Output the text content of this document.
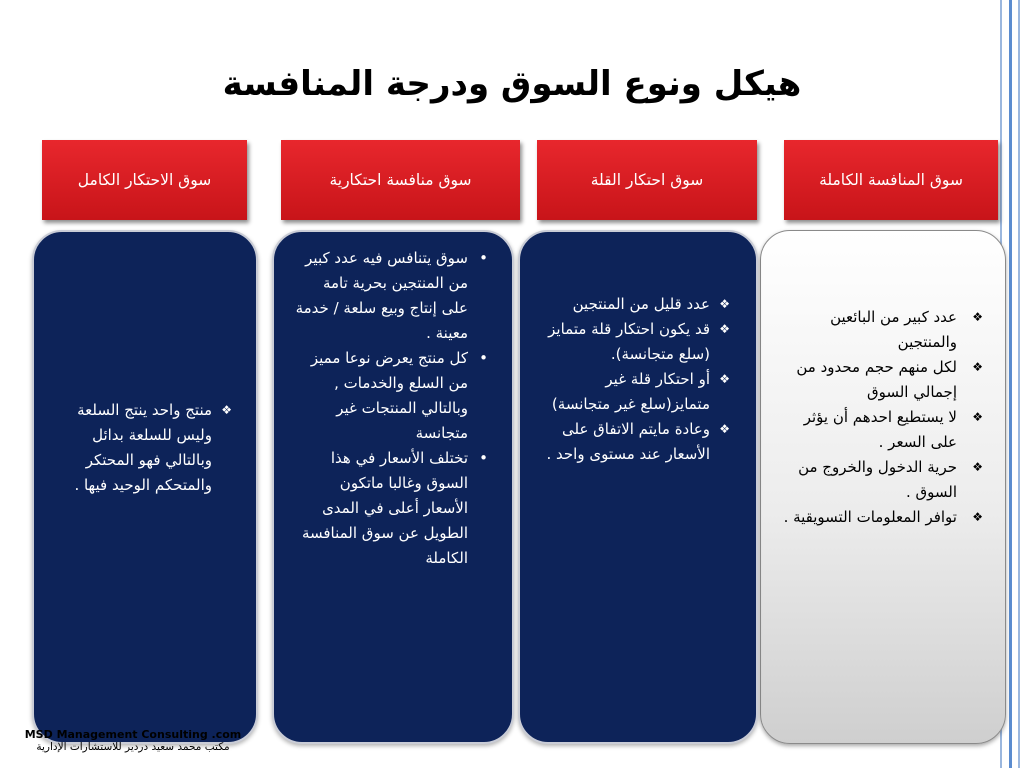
هيكل ونوع السوق ودرجة المنافسة
سوق المنافسة الكاملة
سوق احتكار القلة
سوق منافسة احتكارية
سوق الاحتكار الكامل
❖
عدد كبير من البائعين والمنتجين
❖
لكل منهم حجم محدود من إجمالي السوق
❖
لا يستطيع احدهم أن يؤثر على السعر .
❖
حرية الدخول والخروج من السوق .
❖
توافر المعلومات التسويقية .
❖
عدد قليل من المنتجين
❖
قد يكون احتكار قلة متمايز (سلع متجانسة).
❖
أو احتكار قلة غير متمايز(سلع غير متجانسة)
❖
وعادة مايتم الاتفاق على الأسعار عند مستوى واحد .
•
سوق يتنافس فيه عدد كبير من المنتجين بحرية تامة على إنتاج وبيع سلعة / خدمة معينة .
•
كل منتج يعرض نوعا مميز من السلع والخدمات , وبالتالي المنتجات غير متجانسة
•
تختلف الأسعار في هذا السوق وغالبا ماتكون الأسعار أعلى في المدى الطويل عن سوق المنافسة الكاملة
❖
منتج واحد ينتج السلعة وليس للسلعة بدائل وبالتالي فهو المحتكر والمتحكم الوحيد فيها .
MSD Management Consulting .com
مكتب محمد سعيد دردير للاستشارات الإدارية
